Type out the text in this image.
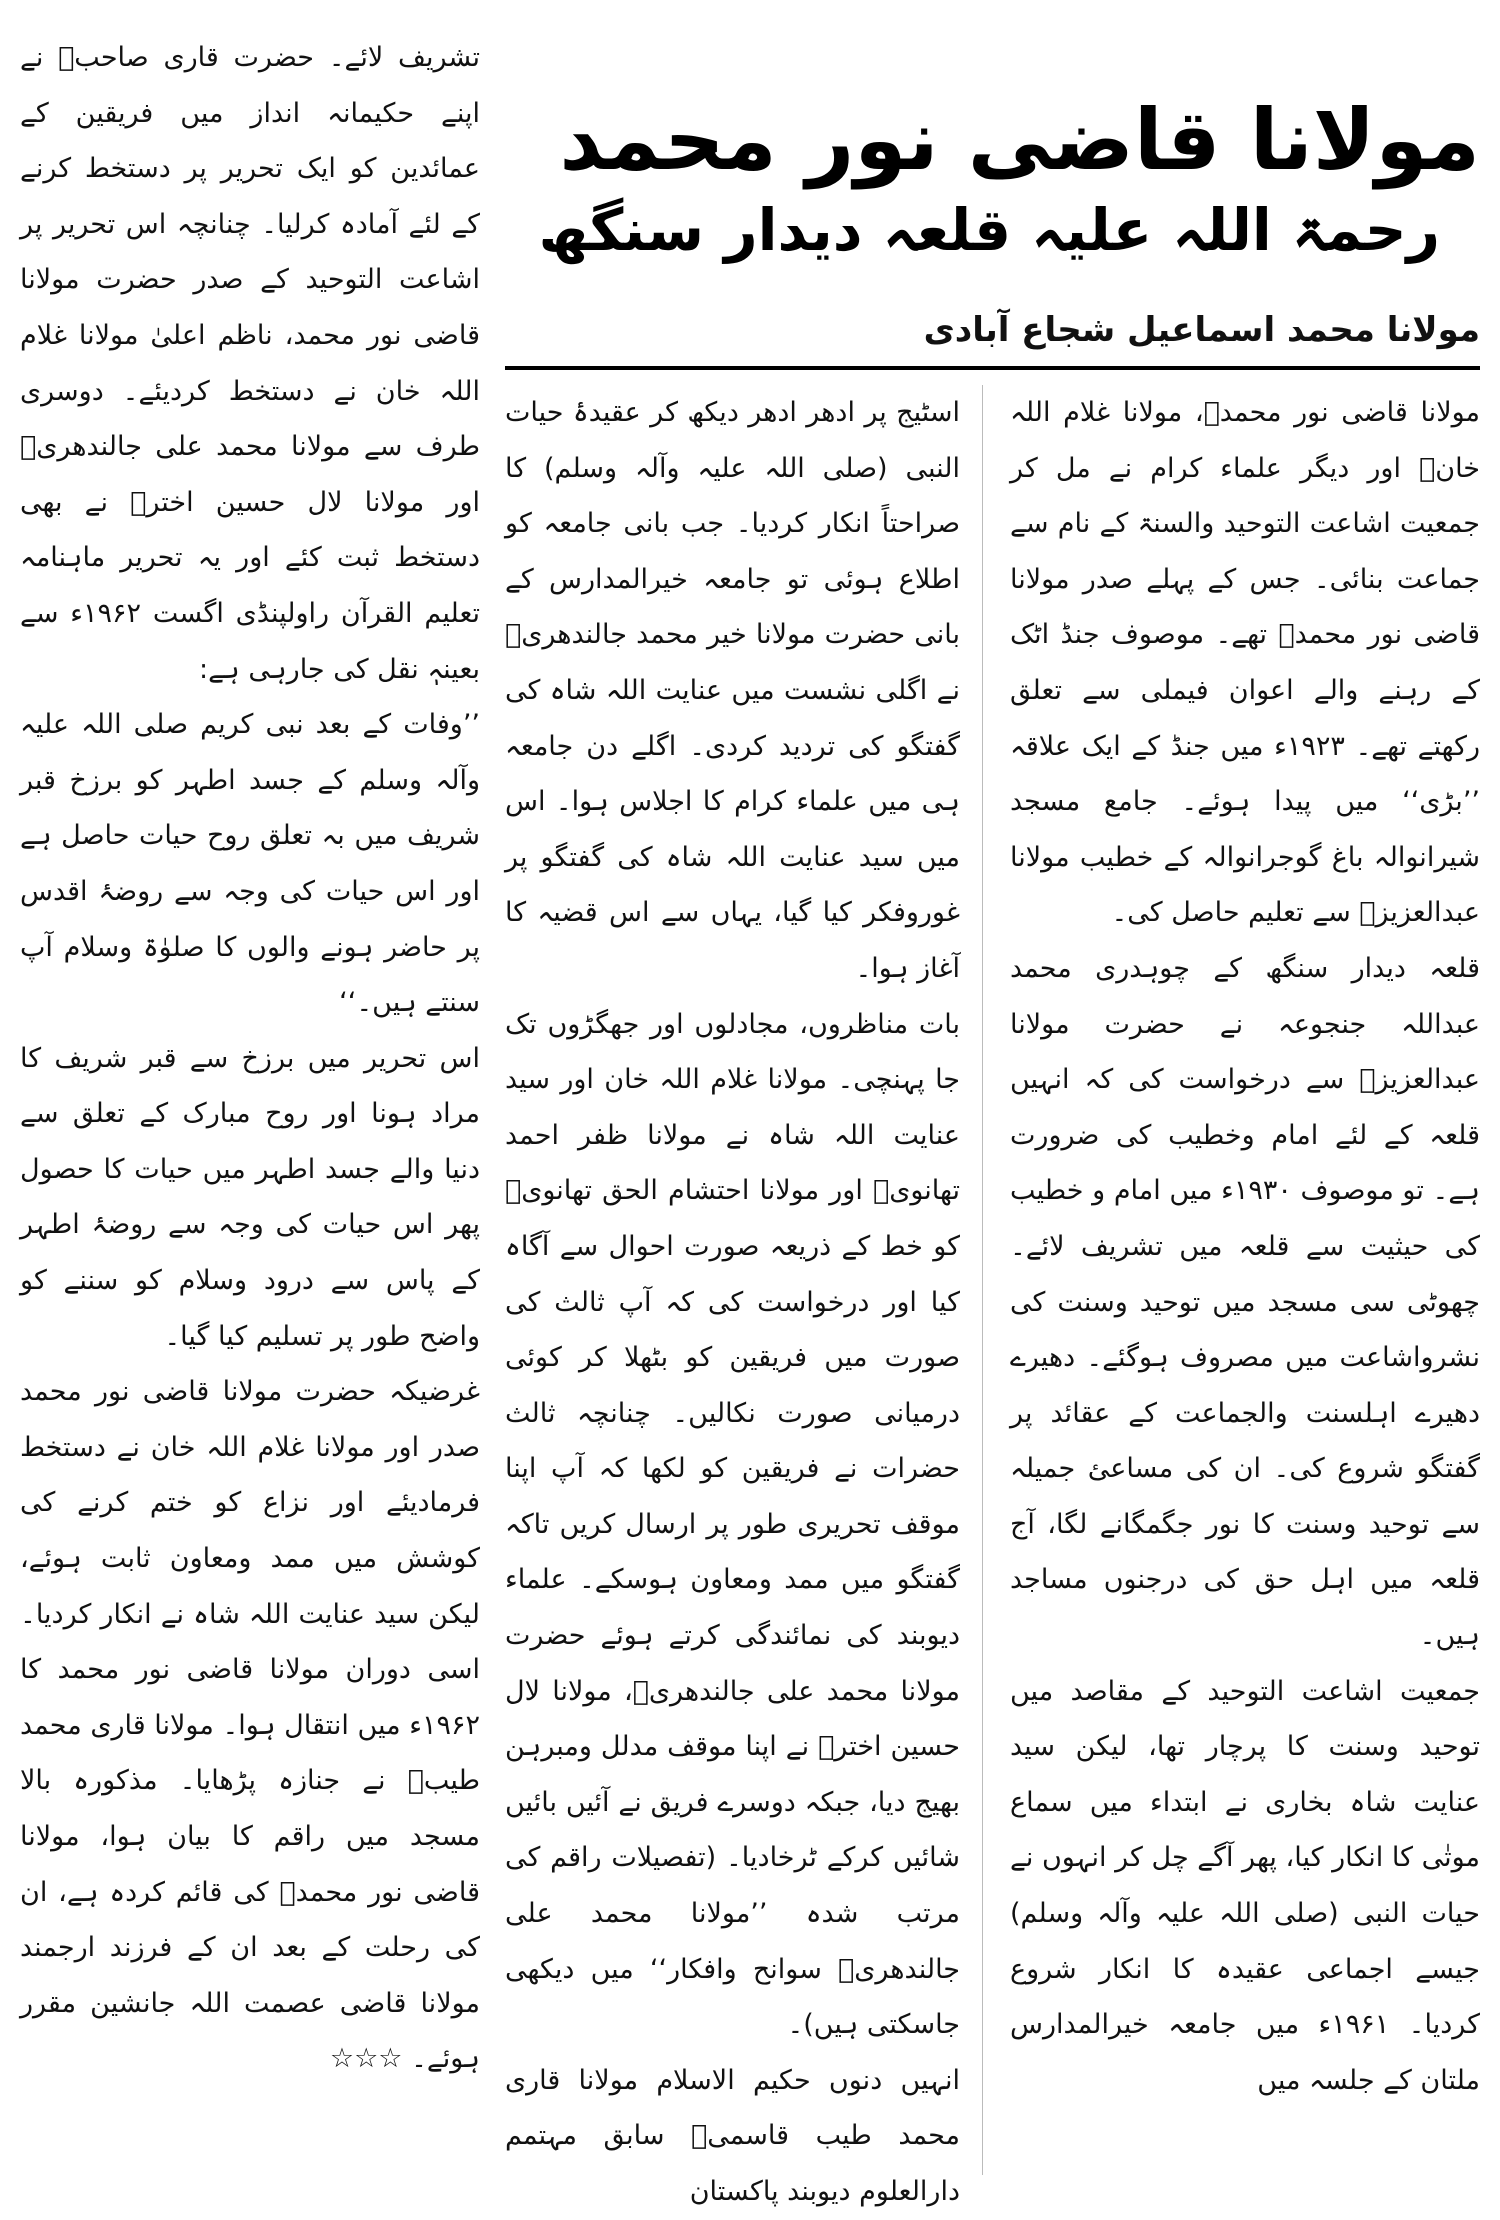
مولانا قاضی نور محمد
رحمۃ اللہ علیہ قلعہ دیدار سنگھ
مولانا محمد اسماعیل شجاع آبادی

مولانا قاضی نور محمدؒ، مولانا غلام اللہ خانؒ اور دیگر علماء کرام نے مل کر جمعیت اشاعت التوحید والسنۃ کے نام سے جماعت بنائی۔ جس کے پہلے صدر مولانا قاضی نور محمدؒ تھے۔ موصوف جنڈ اٹک کے رہنے والے اعوان فیملی سے تعلق رکھتے تھے۔ ۱۹۲۳ء میں جنڈ کے ایک علاقہ ’’بڑی‘‘ میں پیدا ہوئے۔ جامع مسجد شیرانوالہ باغ گوجرانوالہ کے خطیب مولانا عبدالعزیزؒ سے تعلیم حاصل کی۔

قلعہ دیدار سنگھ کے چوہدری محمد عبداللہ جنجوعہ نے حضرت مولانا عبدالعزیزؒ سے درخواست کی کہ انہیں قلعہ کے لئے امام وخطیب کی ضرورت ہے۔ تو موصوف ۱۹۳۰ء میں امام و خطیب کی حیثیت سے قلعہ میں تشریف لائے۔ چھوٹی سی مسجد میں توحید وسنت کی نشرواشاعت میں مصروف ہوگئے۔ دھیرے دھیرے اہلسنت والجماعت کے عقائد پر گفتگو شروع کی۔ ان کی مساعئ جمیلہ سے توحید وسنت کا نور جگمگانے لگا، آج قلعہ میں اہل حق کی درجنوں مساجد ہیں۔

جمعیت اشاعت التوحید کے مقاصد میں توحید وسنت کا پرچار تھا، لیکن سید عنایت شاہ بخاری نے ابتداء میں سماع موتٰی کا انکار کیا، پھر آگے چل کر انہوں نے حیات النبی (صلی اللہ علیہ وآلہ وسلم) جیسے اجماعی عقیدہ کا انکار شروع کردیا۔ ۱۹۶۱ء میں جامعہ خیرالمدارس ملتان کے جلسہ میں

اسٹیج پر ادھر ادھر دیکھ کر عقیدۂ حیات النبی (صلی اللہ علیہ وآلہ وسلم) کا صراحتاً انکار کردیا۔ جب بانی جامعہ کو اطلاع ہوئی تو جامعہ خیرالمدارس کے بانی حضرت مولانا خیر محمد جالندھریؒ نے اگلی نشست میں عنایت اللہ شاہ کی گفتگو کی تردید کردی۔ اگلے دن جامعہ ہی میں علماء کرام کا اجلاس ہوا۔ اس میں سید عنایت اللہ شاہ کی گفتگو پر غوروفکر کیا گیا، یہاں سے اس قضیہ کا آغاز ہوا۔

بات مناظروں، مجادلوں اور جھگڑوں تک جا پہنچی۔ مولانا غلام اللہ خان اور سید عنایت اللہ شاہ نے مولانا ظفر احمد تھانویؒ اور مولانا احتشام الحق تھانویؒ کو خط کے ذریعہ صورت احوال سے آگاہ کیا اور درخواست کی کہ آپ ثالث کی صورت میں فریقین کو بٹھلا کر کوئی درمیانی صورت نکالیں۔ چنانچہ ثالث حضرات نے فریقین کو لکھا کہ آپ اپنا موقف تحریری طور پر ارسال کریں تاکہ گفتگو میں ممد ومعاون ہوسکے۔ علماء دیوبند کی نمائندگی کرتے ہوئے حضرت مولانا محمد علی جالندھریؒ، مولانا لال حسین اخترؒ نے اپنا موقف مدلل ومبرہن بھیج دیا، جبکہ دوسرے فریق نے آئیں بائیں شائیں کرکے ٹرخادیا۔ (تفصیلات راقم کی مرتب شدہ ’’مولانا محمد علی جالندھریؒ سوانح وافکار‘‘ میں دیکھی جاسکتی ہیں)۔

انہیں دنوں حکیم الاسلام مولانا قاری محمد طیب قاسمیؒ سابق مہتمم دارالعلوم دیوبند پاکستان

تشریف لائے۔ حضرت قاری صاحبؒ نے اپنے حکیمانہ انداز میں فریقین کے عمائدین کو ایک تحریر پر دستخط کرنے کے لئے آمادہ کرلیا۔ چنانچہ اس تحریر پر اشاعت التوحید کے صدر حضرت مولانا قاضی نور محمد، ناظم اعلیٰ مولانا غلام اللہ خان نے دستخط کردیئے۔ دوسری طرف سے مولانا محمد علی جالندھریؒ اور مولانا لال حسین اخترؒ نے بھی دستخط ثبت کئے اور یہ تحریر ماہنامہ تعلیم القرآن راولپنڈی اگست ۱۹۶۲ء سے بعینہٖ نقل کی جارہی ہے:

’’وفات کے بعد نبی کریم صلی اللہ علیہ وآلہ وسلم کے جسد اطہر کو برزخ قبر شریف میں بہ تعلق روح حیات حاصل ہے اور اس حیات کی وجہ سے روضۂ اقدس پر حاضر ہونے والوں کا صلوٰۃ وسلام آپ سنتے ہیں۔‘‘

اس تحریر میں برزخ سے قبر شریف کا مراد ہونا اور روح مبارک کے تعلق سے دنیا والے جسد اطہر میں حیات کا حصول پھر اس حیات کی وجہ سے روضۂ اطہر کے پاس سے درود وسلام کو سننے کو واضح طور پر تسلیم کیا گیا۔

غرضیکہ حضرت مولانا قاضی نور محمد صدر اور مولانا غلام اللہ خان نے دستخط فرمادیئے اور نزاع کو ختم کرنے کی کوشش میں ممد ومعاون ثابت ہوئے، لیکن سید عنایت اللہ شاہ نے انکار کردیا۔ اسی دوران مولانا قاضی نور محمد کا ۱۹۶۲ء میں انتقال ہوا۔ مولانا قاری محمد طیبؒ نے جنازہ پڑھایا۔ مذکورہ بالا مسجد میں راقم کا بیان ہوا، مولانا قاضی نور محمدؒ کی قائم کردہ ہے، ان کی رحلت کے بعد ان کے فرزند ارجمند مولانا قاضی عصمت اللہ جانشین مقرر ہوئے۔ ☆☆☆
